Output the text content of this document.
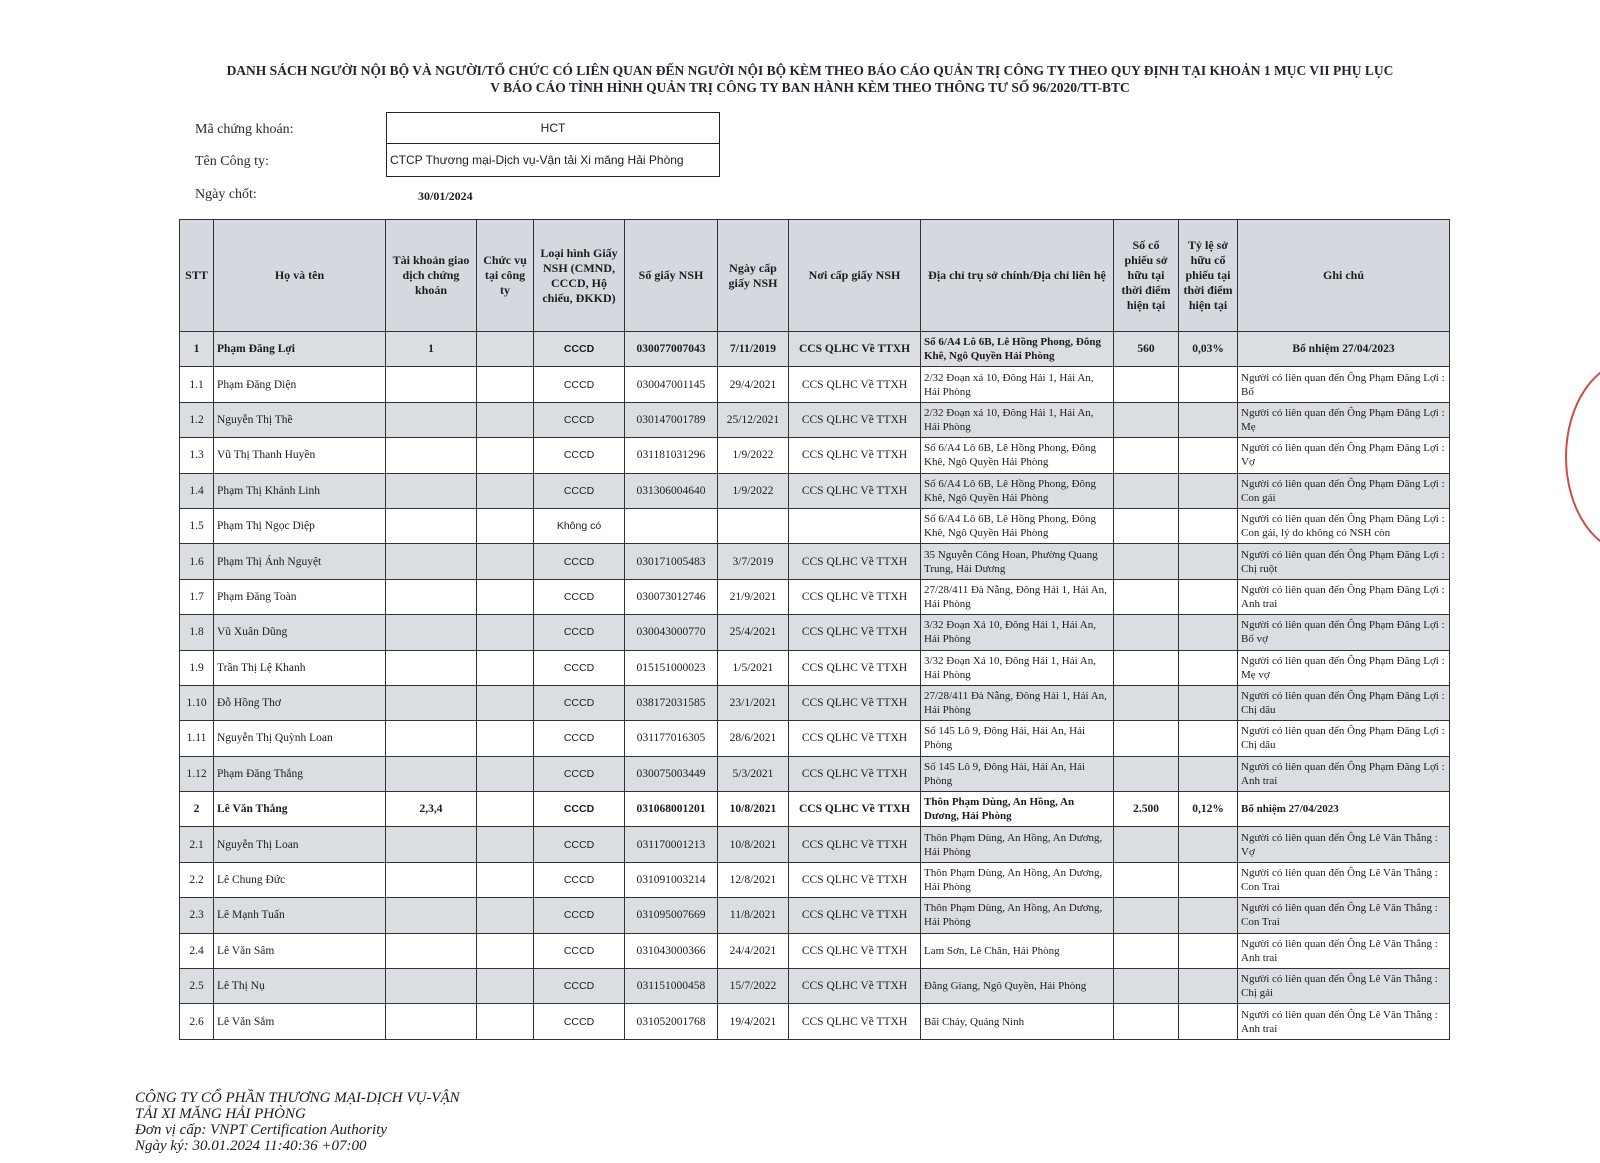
DANH SÁCH NGƯỜI NỘI BỘ VÀ NGƯỜI/TỔ CHỨC CÓ LIÊN QUAN ĐẾN NGƯỜI NỘI BỘ KÈM THEO BÁO CÁO QUẢN TRỊ CÔNG TY THEO QUY ĐỊNH TẠI KHOẢN 1 MỤC VII PHỤ LỤC
V BÁO CÁO TÌNH HÌNH QUẢN TRỊ CÔNG TY BAN HÀNH KÈM THEO THÔNG TƯ SỐ 96/2020/TT-BTC
Mã chứng khoán:	HCT
Tên Công ty:	CTCP Thương mại-Dịch vụ-Vận tải Xi măng Hải Phòng
Ngày chốt:	30/01/2024
STT	Họ và tên	Tài khoản giao dịch chứng khoán	Chức vụ tại công ty	Loại hình Giấy NSH (CMND, CCCD, Hộ chiếu, ĐKKD)	Số giấy NSH	Ngày cấp giấy NSH	Nơi cấp giấy NSH	Địa chỉ trụ sở chính/Địa chỉ liên hệ	Số cổ phiếu sở hữu tại thời điểm hiện tại	Tỷ lệ sở hữu cổ phiếu tại thời điểm hiện tại	Ghi chú
1	Phạm Đăng Lợi	1		CCCD	030077007043	7/11/2019	CCS QLHC Về TTXH	Số 6/A4 Lô 6B, Lê Hồng Phong, Đông Khê, Ngô Quyền Hải Phòng	560	0,03%	Bổ nhiệm 27/04/2023
1.1	Phạm Đăng Diện			CCCD	030047001145	29/4/2021	CCS QLHC Về TTXH	2/32 Đoạn xá 10, Đông Hải 1, Hải An, Hải Phòng			Người có liên quan đến Ông Phạm Đăng Lợi : Bố
1.2	Nguyễn Thị Thề			CCCD	030147001789	25/12/2021	CCS QLHC Về TTXH	2/32 Đoạn xá 10, Đông Hải 1, Hải An, Hải Phòng			Người có liên quan đến Ông Phạm Đăng Lợi : Mẹ
1.3	Vũ Thị Thanh Huyền			CCCD	031181031296	1/9/2022	CCS QLHC Về TTXH	Số 6/A4 Lô 6B, Lê Hồng Phong, Đông Khê, Ngô Quyền Hải Phòng			Người có liên quan đến Ông Phạm Đăng Lợi : Vợ
1.4	Phạm Thị Khánh Linh			CCCD	031306004640	1/9/2022	CCS QLHC Về TTXH	Số 6/A4 Lô 6B, Lê Hồng Phong, Đông Khê, Ngô Quyền Hải Phòng			Người có liên quan đến Ông Phạm Đăng Lợi : Con gái
1.5	Phạm Thị Ngọc Diệp			Không có				Số 6/A4 Lô 6B, Lê Hồng Phong, Đông Khê, Ngô Quyền Hải Phòng			Người có liên quan đến Ông Phạm Đăng Lợi : Con gái, lý do không có NSH còn
1.6	Phạm Thị Ánh Nguyệt			CCCD	030171005483	3/7/2019	CCS QLHC Về TTXH	35 Nguyễn Công Hoan, Phường Quang Trung, Hải Dương			Người có liên quan đến Ông Phạm Đăng Lợi : Chị ruột
1.7	Phạm Đăng Toàn			CCCD	030073012746	21/9/2021	CCS QLHC Về TTXH	27/28/411 Đà Nẵng, Đông Hải 1, Hải An, Hải Phòng			Người có liên quan đến Ông Phạm Đăng Lợi : Anh trai
1.8	Vũ Xuân Dũng			CCCD	030043000770	25/4/2021	CCS QLHC Về TTXH	3/32 Đoạn Xá 10, Đông Hải 1, Hải An, Hải Phòng			Người có liên quan đến Ông Phạm Đăng Lợi : Bố vợ
1.9	Trần Thị Lệ Khanh			CCCD	015151000023	1/5/2021	CCS QLHC Về TTXH	3/32 Đoạn Xá 10, Đông Hải 1, Hải An, Hải Phòng			Người có liên quan đến Ông Phạm Đăng Lợi : Mẹ vợ
1.10	Đỗ Hồng Thơ			CCCD	038172031585	23/1/2021	CCS QLHC Về TTXH	27/28/411 Đà Nẵng, Đông Hải 1, Hải An, Hải Phòng			Người có liên quan đến Ông Phạm Đăng Lợi : Chị dâu
1.11	Nguyễn Thị Quỳnh Loan			CCCD	031177016305	28/6/2021	CCS QLHC Về TTXH	Số 145 Lô 9, Đông Hải, Hải An, Hải Phòng			Người có liên quan đến Ông Phạm Đăng Lợi : Chị dâu
1.12	Phạm Đăng Thắng			CCCD	030075003449	5/3/2021	CCS QLHC Về TTXH	Số 145 Lô 9, Đông Hải, Hải An, Hải Phòng			Người có liên quan đến Ông Phạm Đăng Lợi : Anh trai
2	Lê Văn Thắng	2,3,4		CCCD	031068001201	10/8/2021	CCS QLHC Về TTXH	Thôn Phạm Dùng, An Hồng, An Dương, Hải Phòng	2.500	0,12%	Bổ nhiệm 27/04/2023
2.1	Nguyễn Thị Loan			CCCD	031170001213	10/8/2021	CCS QLHC Về TTXH	Thôn Phạm Dùng, An Hồng, An Dương, Hải Phòng			Người có liên quan đến Ông Lê Văn Thắng : Vợ
2.2	Lê Chung Đức			CCCD	031091003214	12/8/2021	CCS QLHC Về TTXH	Thôn Phạm Dùng, An Hồng, An Dương, Hải Phòng			Người có liên quan đến Ông Lê Văn Thắng : Con Trai
2.3	Lê Mạnh Tuấn			CCCD	031095007669	11/8/2021	CCS QLHC Về TTXH	Thôn Phạm Dùng, An Hồng, An Dương, Hải Phòng			Người có liên quan đến Ông Lê Văn Thắng : Con Trai
2.4	Lê Văn Sâm			CCCD	031043000366	24/4/2021	CCS QLHC Về TTXH	Lam Sơn, Lê Chân, Hải Phòng			Người có liên quan đến Ông Lê Văn Thắng : Anh trai
2.5	Lê Thị Nụ			CCCD	031151000458	15/7/2022	CCS QLHC Về TTXH	Đằng Giang, Ngô Quyền, Hải Phòng			Người có liên quan đến Ông Lê Văn Thắng : Chị gái
2.6	Lê Văn Sắm			CCCD	031052001768	19/4/2021	CCS QLHC Về TTXH	Bãi Cháy, Quảng Ninh			Người có liên quan đến Ông Lê Văn Thắng : Anh trai
CÔNG TY CỔ PHẦN THƯƠNG MẠI-DỊCH VỤ-VẬN
TẢI XI MĂNG HẢI PHÒNG
Đơn vị cấp: VNPT Certification Authority
Ngày ký: 30.01.2024 11:40:36 +07:00
